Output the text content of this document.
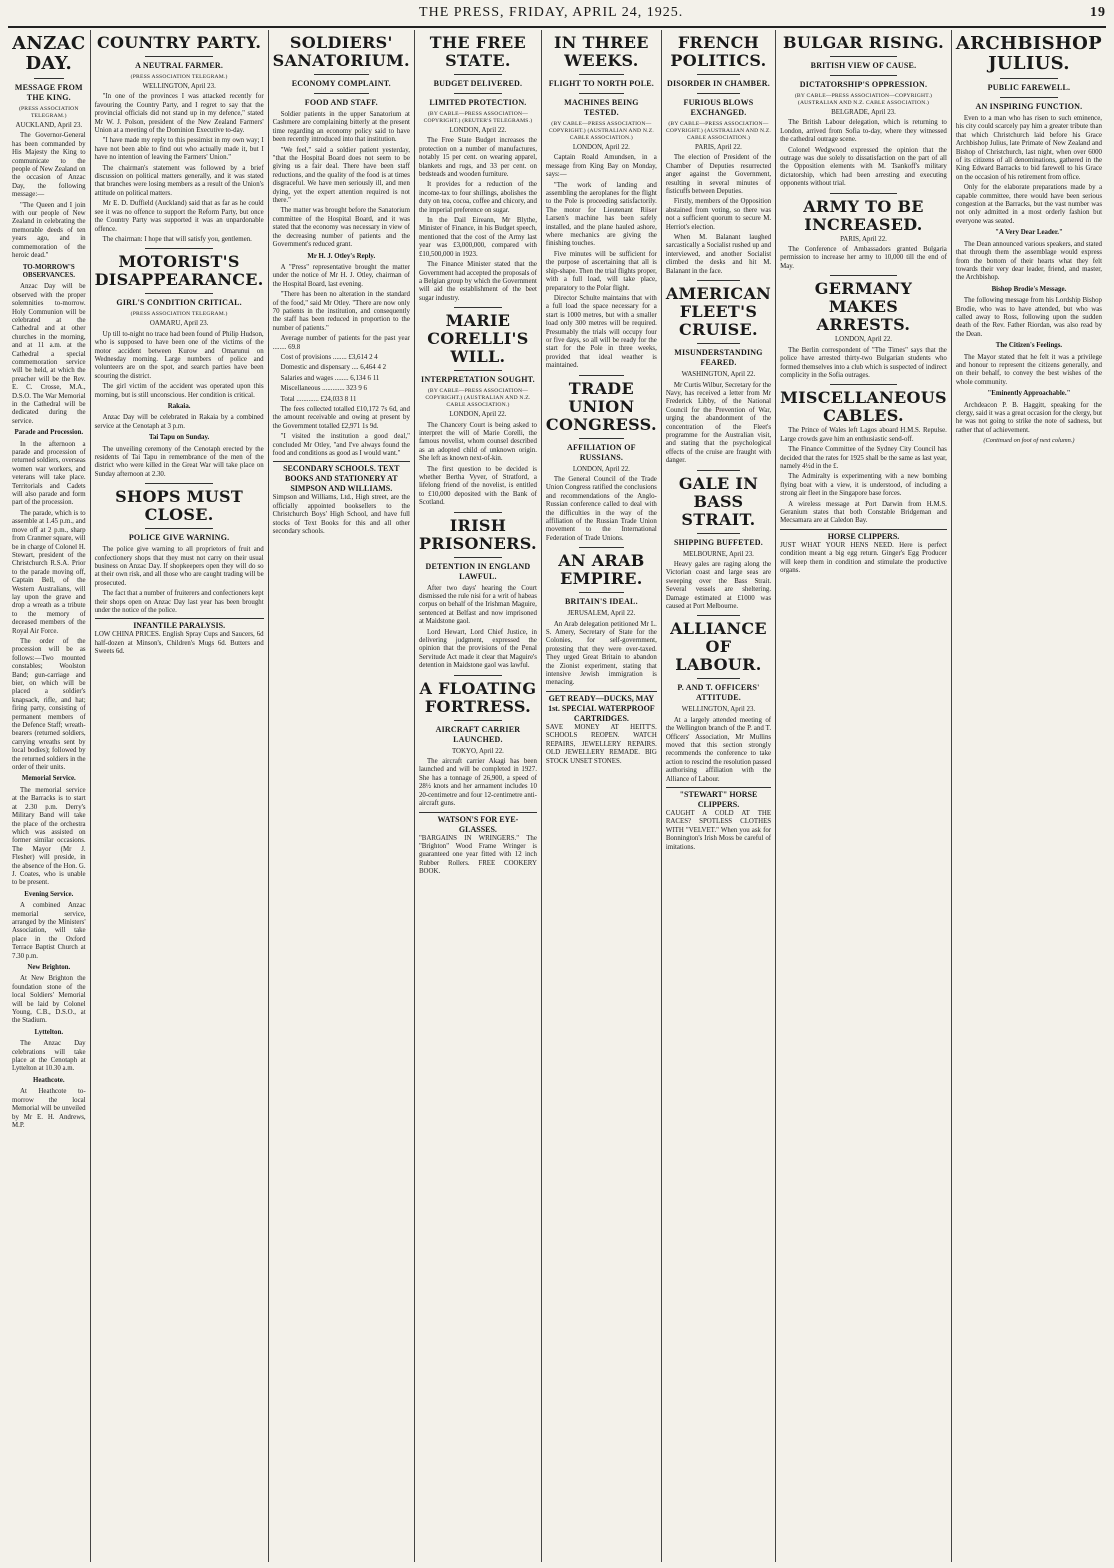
THE PRESS, FRIDAY, APRIL 24, 1925.	19
ANZAC DAY.
MESSAGE FROM THE KING.
(PRESS ASSOCIATION TELEGRAM.)
AUCKLAND, April 23.

The Governor-General has been commanded by His Majesty the King to communicate to the people of New Zealand on the occasion of Anzac Day, the following message:—

"The Queen and I join with our people of New Zealand in celebrating the memorable deeds of ten years ago, and in commemoration of the heroic dead."

TO-MORROW'S OBSERVANCES.

Anzac Day will be observed with the proper solemnities to-morrow. Holy Communion will be celebrated at the Cathedral and at other churches in the morning, and at 11 a.m. at the Cathedral a special commemoration service will be held, at which the preacher will be the Rev. E. C. Crosse, M.A., D.S.O. The War Memorial in the Cathedral will be dedicated during the service.

Parade and Procession.

In the afternoon a parade and procession of returned soldiers, overseas women war workers, and veterans will take place. Territorials and Cadets will also parade and form part of the procession.

The parade, which is to assemble at 1.45 p.m., and move off at 2 p.m., sharp from Cranmer square, will be in charge of Colonel H. Stewart, president of the Christchurch R.S.A. Prior to the parade moving off, Captain Bell, of the Western Australians, will lay upon the grave and drop a wreath as a tribute to the memory of deceased members of the Royal Air Force.

The order of the procession will be as follows:—Two mounted constables; Woolston Band; gun-carriage and bier, on which will be placed a soldier's knapsack, rifle, and hat; firing party, consisting of permanent members of the Defence Staff; wreath-bearers (returned soldiers, carrying wreaths sent by local bodies); followed by the returned soldiers in the order of their units.

Memorial Service.

The memorial service at the Barracks is to start at 2.30 p.m. Derry's Military Band will take the place of the orchestra which was assisted on former similar occasions. The Mayor (Mr J. Flesher) will preside, in the absence of the Hon. G. J. Coates, who is unable to be present.

Evening Service.

A combined Anzac memorial service, arranged by the Ministers' Association, will take place in the Oxford Terrace Baptist Church at 7.30 p.m.

New Brighton.

At New Brighton the foundation stone of the local Soldiers' Memorial will be laid by Colonel Young, C.B., D.S.O., at the Stadium.

Lyttelton.

The Anzac Day celebrations will take place at the Cenotaph at Lyttelton at 10.30 a.m.

Heathcote.

At Heathcote to-morrow the local Memorial will be unveiled by Mr E. H. Andrews, M.P.

COUNTRY PARTY.
A NEUTRAL FARMER.
(PRESS ASSOCIATION TELEGRAM.)
WELLINGTON, April 23.

"In one of the provinces I was attacked recently for favouring the Country Party, and I regret to say that the provincial officials did not stand up in my defence," stated Mr W. J. Polson, president of the New Zealand Farmers' Union at a meeting of the Dominion Executive to-day.

"I have made my reply to this pessimist in my own way; I have not been able to find out who actually made it, but I have no intention of leaving the Farmers' Union."

The chairman's statement was followed by a brief discussion on political matters generally, and it was stated that branches were losing members as a result of the Union's attitude on political matters.

Mr E. D. Duffield (Auckland) said that as far as he could see it was no offence to support the Reform Party, but once the Country Party was supported it was an unpardonable offence.

The chairman: I hope that will satisfy you, gentlemen.

MOTORIST'S DISAPPEARANCE.
GIRL'S CONDITION CRITICAL.
(PRESS ASSOCIATION TELEGRAM.)
OAMARU, April 23.

Up till to-night no trace had been found of Philip Hudson, who is supposed to have been one of the victims of the motor accident between Kurow and Omarunui on Wednesday morning. Large numbers of police and volunteers are on the spot, and search parties have been scouring the district.

The girl victim of the accident was operated upon this morning, but is still unconscious. Her condition is critical.

Rakaia.

Anzac Day will be celebrated in Rakaia by a combined service at the Cenotaph at 3 p.m.

Tai Tapu on Sunday.

The unveiling ceremony of the Cenotaph erected by the residents of Tai Tapu in remembrance of the men of the district who were killed in the Great War will take place on Sunday afternoon at 2.30.

SHOPS MUST CLOSE.
POLICE GIVE WARNING.

The police give warning to all proprietors of fruit and confectionery shops that they must not carry on their usual business on Anzac Day. If shopkeepers open they will do so at their own risk, and all those who are caught trading will be prosecuted.

The fact that a number of fruiterers and confectioners kept their shops open on Anzac Day last year has been brought under the notice of the police.

INFANTILE PARALYSIS.
LOW CHINA PRICES. English Spray Cups and Saucers, 6d half-dozen at Minson's, Children's Mugs 6d. Butters and Sweets 6d.
SOLDIERS' SANATORIUM.
ECONOMY COMPLAINT.
FOOD AND STAFF.

Soldier patients in the upper Sanatorium at Cashmere are complaining bitterly at the present time regarding an economy policy said to have been recently introduced into that institution.

"We feel," said a soldier patient yesterday, "that the Hospital Board does not seem to be giving us a fair deal. There have been staff reductions, and the quality of the food is at times disgraceful. We have men seriously ill, and men dying, yet the expert attention required is not there."

The matter was brought before the Sanatorium committee of the Hospital Board, and it was stated that the economy was necessary in view of the decreasing number of patients and the Government's reduced grant.

Mr H. J. Otley's Reply.

A "Press" representative brought the matter under the notice of Mr H. J. Otley, chairman of the Hospital Board, last evening.

"There has been no alteration in the standard of the food," said Mr Otley. "There are now only 70 patients in the institution, and consequently the staff has been reduced in proportion to the number of patients."

Average number of patients for the past year ........ 69.8

Cost of provisions ........ £3,614 2 4

Domestic and dispensary .... 6,464 4 2

Salaries and wages ........ 6,134 6 11

Miscellaneous ............. 323 9 6

Total ............. £24,033 8 11

The fees collected totalled £10,172 7s 6d, and the amount receivable and owing at present by the Government totalled £2,971 1s 9d.

"I visited the institution a good deal," concluded Mr Otley, "and I've always found the food and conditions as good as I would want."

SECONDARY SCHOOLS. TEXT BOOKS AND STATIONERY AT SIMPSON AND WILLIAMS.
Simpson and Williams, Ltd., High street, are the officially appointed booksellers to the Christchurch Boys' High School, and have full stocks of Text Books for this and all other secondary schools.
THE FREE STATE.
BUDGET DELIVERED.
LIMITED PROTECTION.
(BY CABLE—PRESS ASSOCIATION—COPYRIGHT.) (REUTER'S TELEGRAMS.)
LONDON, April 22.

The Free State Budget increases the protection on a number of manufactures, notably 15 per cent. on wearing apparel, blankets and rugs, and 33 per cent. on bedsteads and wooden furniture.

It provides for a reduction of the income-tax to four shillings, abolishes the duty on tea, cocoa, coffee and chicory, and the imperial preference on sugar.

In the Dail Eireann, Mr Blythe, Minister of Finance, in his Budget speech, mentioned that the cost of the Army last year was £3,000,000, compared with £10,500,000 in 1923.

The Finance Minister stated that the Government had accepted the proposals of a Belgian group by which the Government will aid the establishment of the beet sugar industry.

MARIE CORELLI'S WILL.
INTERPRETATION SOUGHT.
(BY CABLE—PRESS ASSOCIATION—COPYRIGHT.) (AUSTRALIAN AND N.Z. CABLE ASSOCIATION.)
LONDON, April 22.

The Chancery Court is being asked to interpret the will of Marie Corelli, the famous novelist, whom counsel described as an adopted child of unknown origin. She left as known next-of-kin.

The first question to be decided is whether Bertha Vyver, of Stratford, a lifelong friend of the novelist, is entitled to £10,000 deposited with the Bank of Scotland.

IRISH PRISONERS.
DETENTION IN ENGLAND LAWFUL.

After two days' hearing the Court dismissed the rule nisi for a writ of habeas corpus on behalf of the Irishman Maguire, sentenced at Belfast and now imprisoned at Maidstone gaol.

Lord Hewart, Lord Chief Justice, in delivering judgment, expressed the opinion that the provisions of the Penal Servitude Act made it clear that Maguire's detention in Maidstone gaol was lawful.

A FLOATING FORTRESS.
AIRCRAFT CARRIER LAUNCHED.
TOKYO, April 22.

The aircraft carrier Akagi has been launched and will be completed in 1927. She has a tonnage of 26,900, a speed of 28½ knots and her armament includes 10 20-centimetre and four 12-centimetre anti-aircraft guns.

WATSON'S FOR EYE-GLASSES.
"BARGAINS IN WRINGERS." The "Brighton" Wood Frame Wringer is guaranteed one year fitted with 12 inch Rubber Rollers. FREE COOKERY BOOK.
IN THREE WEEKS.
FLIGHT TO NORTH POLE.
MACHINES BEING TESTED.
(BY CABLE—PRESS ASSOCIATION—COPYRIGHT.) (AUSTRALIAN AND N.Z. CABLE ASSOCIATION.)
LONDON, April 22.

Captain Roald Amundsen, in a message from King Bay on Monday, says:—

"The work of landing and assembling the aeroplanes for the flight to the Pole is proceeding satisfactorily. The motor for Lieutenant Riiser Larsen's machine has been safely installed, and the plane hauled ashore, where mechanics are giving the finishing touches.

Five minutes will be sufficient for the purpose of ascertaining that all is ship-shape. Then the trial flights proper, with a full load, will take place, preparatory to the Polar flight.

Director Schulte maintains that with a full load the space necessary for a start is 1000 metres, but with a smaller load only 300 metres will be required. Presumably the trials will occupy four or five days, so all will be ready for the start for the Pole in three weeks, provided that ideal weather is maintained.

TRADE UNION CONGRESS.
AFFILIATION OF RUSSIANS.
LONDON, April 22.

The General Council of the Trade Union Congress ratified the conclusions and recommendations of the Anglo-Russian conference called to deal with the difficulties in the way of the affiliation of the Russian Trade Union movement to the International Federation of Trade Unions.

AN ARAB EMPIRE.
BRITAIN'S IDEAL.
JERUSALEM, April 22.

An Arab delegation petitioned Mr L. S. Amery, Secretary of State for the Colonies, for self-government, protesting that they were over-taxed. They urged Great Britain to abandon the Zionist experiment, stating that intensive Jewish immigration is menacing.

GET READY—DUCKS, MAY 1st. SPECIAL WATERPROOF CARTRIDGES.
SAVE MONEY AT HEITT'S. SCHOOLS REOPEN. WATCH REPAIRS, JEWELLERY REPAIRS. OLD JEWELLERY REMADE. BIG STOCK UNSET STONES.
FRENCH POLITICS.
DISORDER IN CHAMBER.
FURIOUS BLOWS EXCHANGED.
(BY CABLE—PRESS ASSOCIATION—COPYRIGHT.) (AUSTRALIAN AND N.Z. CABLE ASSOCIATION.)
PARIS, April 22.

The election of President of the Chamber of Deputies resurrected anger against the Government, resulting in several minutes of fisticuffs between Deputies.

Firstly, members of the Opposition abstained from voting, so there was not a sufficient quorum to secure M. Herriot's election.

When M. Balanant laughed sarcastically a Socialist rushed up and interviewed, and another Socialist climbed the desks and hit M. Balanant in the face.

AMERICAN FLEET'S CRUISE.
MISUNDERSTANDING FEARED.
WASHINGTON, April 22.

Mr Curtis Wilbur, Secretary for the Navy, has received a letter from Mr Frederick Libby, of the National Council for the Prevention of War, urging the abandonment of the concentration of the Fleet's programme for the Australian visit, and stating that the psychological effects of the cruise are fraught with danger.

GALE IN BASS STRAIT.
SHIPPING BUFFETED.
MELBOURNE, April 23.

Heavy gales are raging along the Victorian coast and large seas are sweeping over the Bass Strait. Several vessels are sheltering. Damage estimated at £1000 was caused at Port Melbourne.

ALLIANCE OF LABOUR.
P. AND T. OFFICERS' ATTITUDE.
WELLINGTON, April 23.

At a largely attended meeting of the Wellington branch of the P. and T. Officers' Association, Mr Mullins moved that this section strongly recommends the conference to take action to rescind the resolution passed authorising affiliation with the Alliance of Labour.

"STEWART" HORSE CLIPPERS.
CAUGHT A COLD AT THE RACES? SPOTLESS CLOTHES WITH "VELVET." When you ask for Bonnington's Irish Moss be careful of imitations.
BULGAR RISING.
BRITISH VIEW OF CAUSE.
DICTATORSHIP'S OPPRESSION.
(BY CABLE—PRESS ASSOCIATION—COPYRIGHT.) (AUSTRALIAN AND N.Z. CABLE ASSOCIATION.)
BELGRADE, April 23.

The British Labour delegation, which is returning to London, arrived from Sofia to-day, where they witnessed the cathedral outrage scene.

Colonel Wedgwood expressed the opinion that the outrage was due solely to dissatisfaction on the part of all the Opposition elements with M. Tsankoff's military dictatorship, which had been arresting and executing opponents without trial.

ARMY TO BE INCREASED.
PARIS, April 22.

The Conference of Ambassadors granted Bulgaria permission to increase her army to 10,000 till the end of May.

GERMANY MAKES ARRESTS.
LONDON, April 22.

The Berlin correspondent of "The Times" says that the police have arrested thirty-two Bulgarian students who formed themselves into a club which is suspected of indirect complicity in the Sofia outrages.

MISCELLANEOUS CABLES.

The Prince of Wales left Lagos aboard H.M.S. Repulse. Large crowds gave him an enthusiastic send-off.

The Finance Committee of the Sydney City Council has decided that the rates for 1925 shall be the same as last year, namely 4½d in the £.

The Admiralty is experimenting with a new bombing flying boat with a view, it is understood, of including a strong air fleet in the Singapore base forces.

A wireless message at Port Darwin from H.M.S. Geranium states that both Constable Bridgeman and Mecsamara are at Caledon Bay.

HORSE CLIPPERS.
JUST WHAT YOUR HENS NEED. Here is perfect condition meant a big egg return. Ginger's Egg Producer will keep them in condition and stimulate the productive organs.
ARCHBISHOP JULIUS.
PUBLIC FAREWELL.
AN INSPIRING FUNCTION.

Even to a man who has risen to such eminence, his city could scarcely pay him a greater tribute than that which Christchurch laid before his Grace Archbishop Julius, late Primate of New Zealand and Bishop of Christchurch, last night, when over 6000 of its citizens of all denominations, gathered in the King Edward Barracks to bid farewell to his Grace on the occasion of his retirement from office.

Only for the elaborate preparations made by a capable committee, there would have been serious congestion at the Barracks, but the vast number was not only admitted in a most orderly fashion but everyone was seated.

"A Very Dear Leader."

The Dean announced various speakers, and stated that through them the assemblage would express from the bottom of their hearts what they felt towards their very dear leader, friend, and master, the Archbishop.

Bishop Brodie's Message.

The following message from his Lordship Bishop Brodie, who was to have attended, but who was called away to Ross, following upon the sudden death of the Rev. Father Riordan, was also read by the Dean.

The Citizen's Feelings.

The Mayor stated that he felt it was a privilege and honour to represent the citizens generally, and on their behalf, to convey the best wishes of the whole community.

"Eminently Approachable."

Archdeacon P. B. Haggitt, speaking for the clergy, said it was a great occasion for the clergy, but he was not going to strike the note of sadness, but rather that of achievement.

(Continued on foot of next column.)
